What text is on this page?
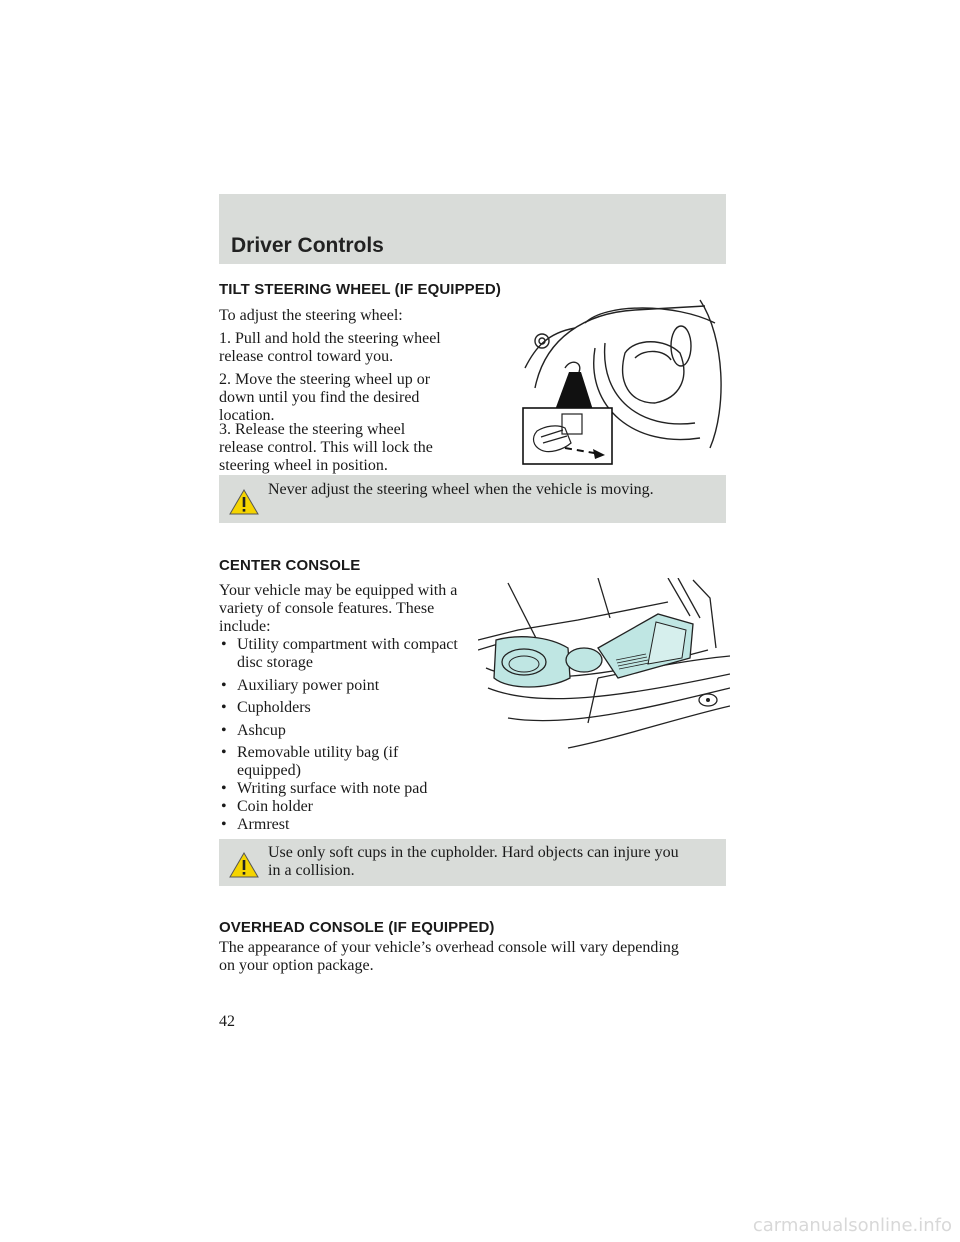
Driver Controls
TILT STEERING WHEEL (IF EQUIPPED)

To adjust the steering wheel:

1. Pull and hold the steering wheel
release control toward you.

2. Move the steering wheel up or
down until you find the desired
location.

3. Release the steering wheel
release control. This will lock the
steering wheel in position.

Never adjust the steering wheel when the vehicle is moving.

CENTER CONSOLE

Your vehicle may be equipped with a
variety of console features. These
include:

• Utility compartment with compact
disc storage
• Auxiliary power point
• Cupholders
• Ashcup
• Removable utility bag (if
equipped)
• Writing surface with note pad
• Coin holder
• Armrest

Use only soft cups in the cupholder. Hard objects can injure you
in a collision.

OVERHEAD CONSOLE (IF EQUIPPED)

The appearance of your vehicle’s overhead console will vary depending
on your option package.

42

carmanualsonline.info
